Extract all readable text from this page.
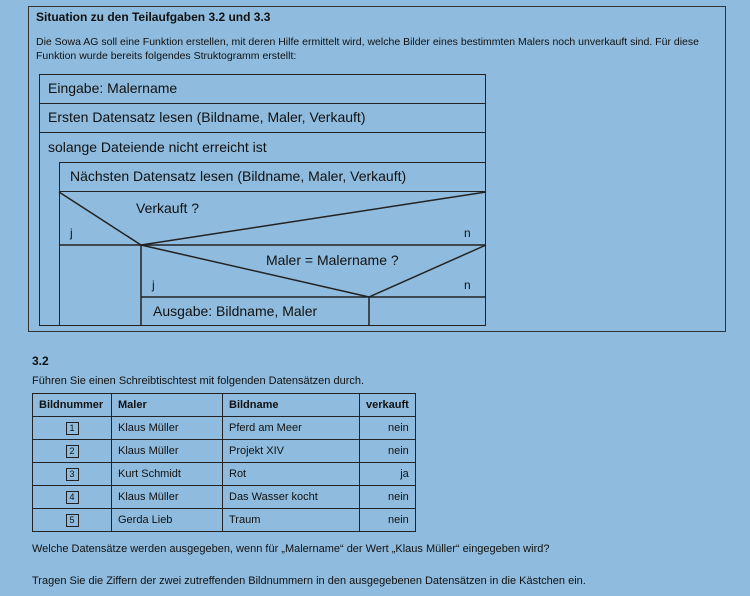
Situation zu den Teilaufgaben 3.2 und 3.3
Die Sowa AG soll eine Funktion erstellen, mit deren Hilfe ermittelt wird, welche Bilder eines bestimmten Malers noch unverkauft sind. Für diese
Funktion wurde bereits folgendes Struktogramm erstellt:
Eingabe: Malername
Ersten Datensatz lesen (Bildname, Maler, Verkauft)
solange Dateiende nicht erreicht ist
Nächsten Datensatz lesen (Bildname, Maler, Verkauft)
Verkauft ?
j	n
Maler = Malername ?
j	n
Ausgabe: Bildname, Maler
3.2
Führen Sie einen Schreibtischtest mit folgenden Datensätzen durch.
Bildnummer	Maler	Bildname	verkauft
1	Klaus Müller	Pferd am Meer	nein
2	Klaus Müller	Projekt XIV	nein
3	Kurt Schmidt	Rot	ja
4	Klaus Müller	Das Wasser kocht	nein
5	Gerda Lieb	Traum	nein
Welche Datensätze werden ausgegeben, wenn für „Malername“ der Wert „Klaus Müller“ eingegeben wird?
Tragen Sie die Ziffern der zwei zutreffenden Bildnummern in den ausgegebenen Datensätzen in die Kästchen ein.
